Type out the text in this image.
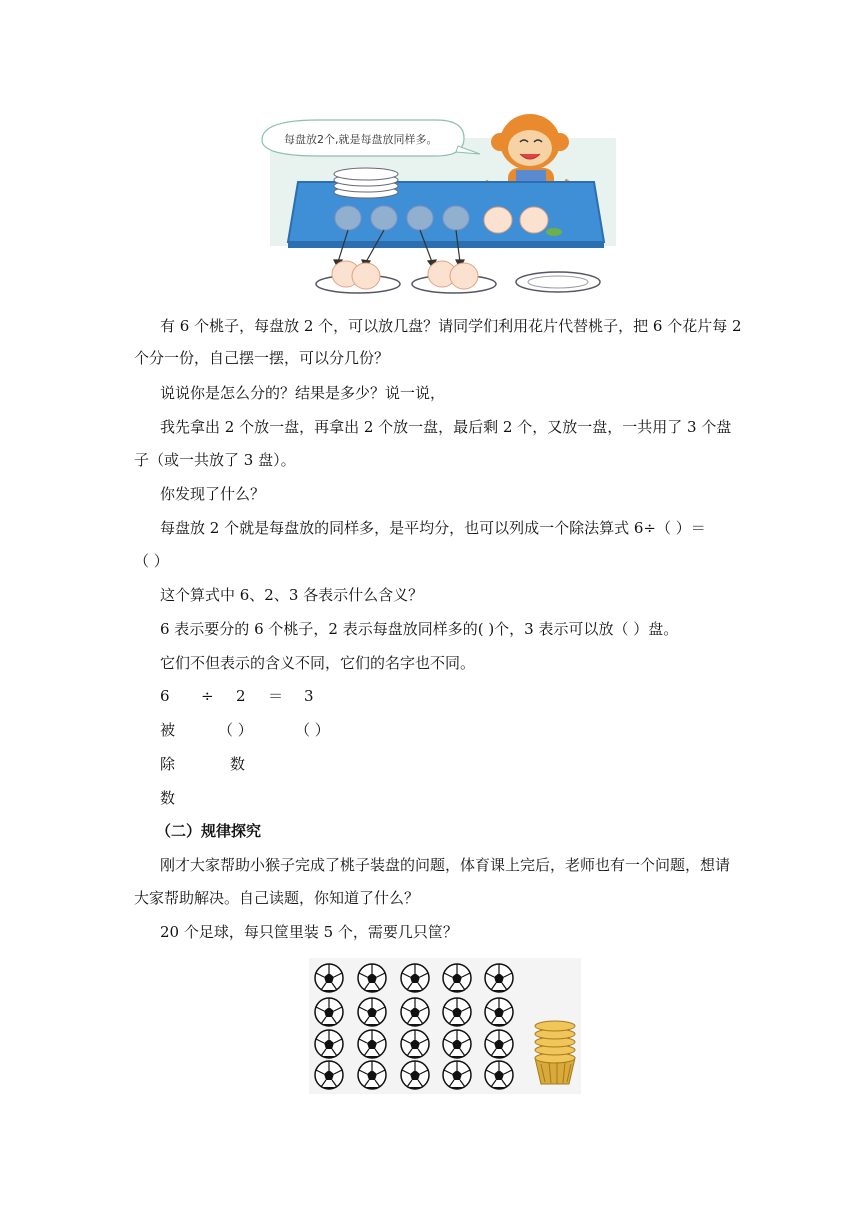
每盘放2个,就是每盘放同样多。
有 6 个桃子，每盘放 2 个，可以放几盘？请同学们利用花片代替桃子，把 6 个花片每 2
个分一份，自己摆一摆，可以分几份？
说说你是怎么分的？结果是多少？说一说，
我先拿出 2 个放一盘，再拿出 2 个放一盘，最后剩 2 个，又放一盘，一共用了 3 个盘
子（或一共放了 3 盘）。
你发现了什么？
每盘放 2 个就是每盘放的同样多，是平均分，也可以列成一个除法算式 6÷（ ）＝
（ ）
这个算式中 6、2、3 各表示什么含义？
6 表示要分的 6 个桃子，2 表示每盘放同样多的( )个，3 表示可以放（ ）盘。
它们不但表示的含义不同，它们的名字也不同。
6 ÷ 2 ＝ 3
被	（ ）	（ ）
除	数
数
（二）规律探究
刚才大家帮助小猴子完成了桃子装盘的问题，体育课上完后，老师也有一个问题，想请
大家帮助解决。自己读题，你知道了什么？
20 个足球，每只筐里装 5 个，需要几只筐？
